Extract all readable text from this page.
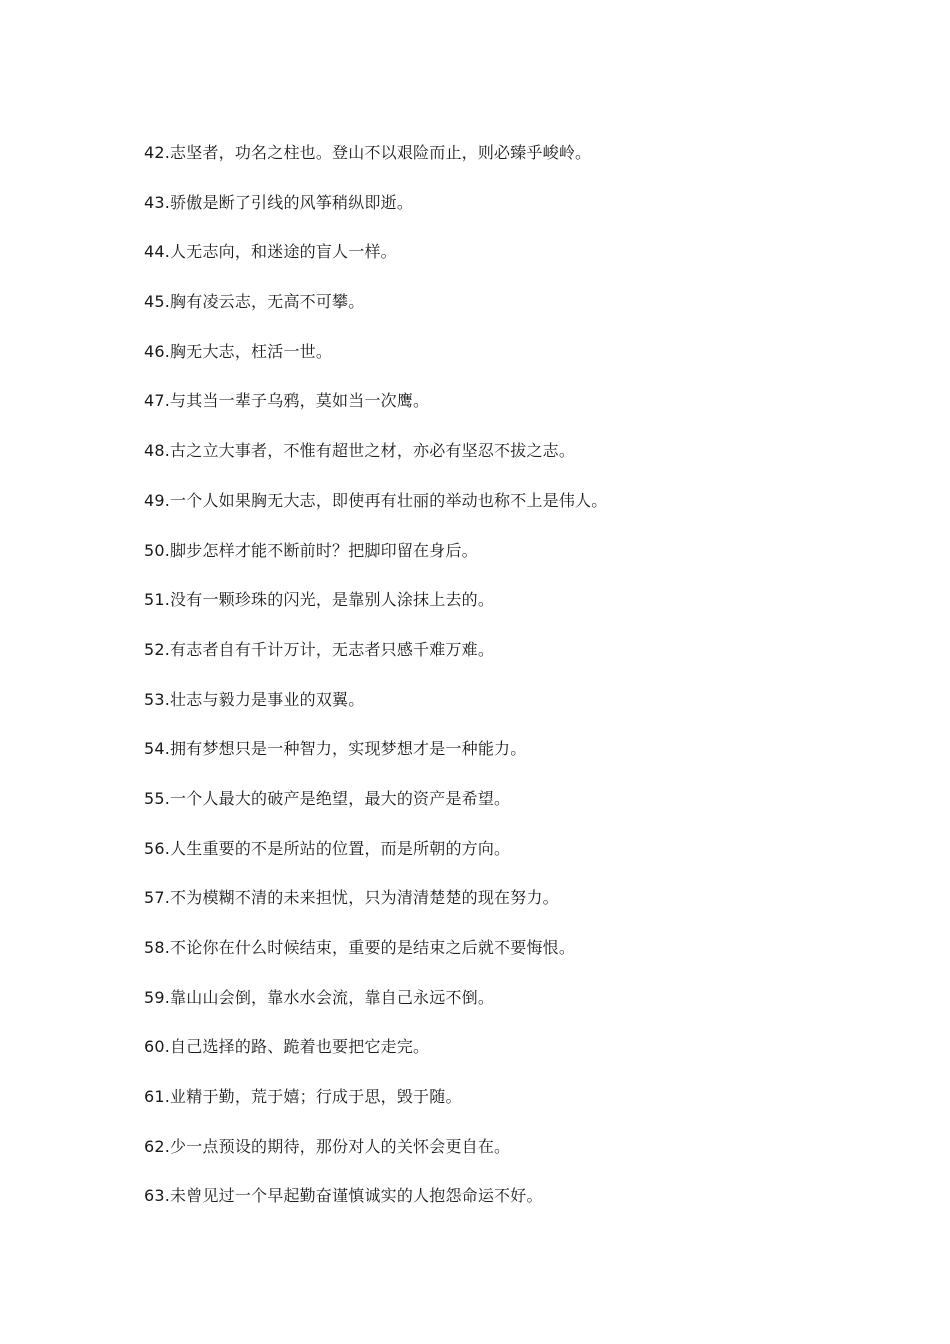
42.志坚者，功名之柱也。登山不以艰险而止，则必臻乎峻岭。
43.骄傲是断了引线的风筝稍纵即逝。
44.人无志向，和迷途的盲人一样。
45.胸有凌云志，无高不可攀。
46.胸无大志，枉活一世。
47.与其当一辈子乌鸦，莫如当一次鹰。
48.古之立大事者，不惟有超世之材，亦必有坚忍不拔之志。
49.一个人如果胸无大志，即使再有壮丽的举动也称不上是伟人。
50.脚步怎样才能不断前时？把脚印留在身后。
51.没有一颗珍珠的闪光，是靠别人涂抹上去的。
52.有志者自有千计万计，无志者只感千难万难。
53.壮志与毅力是事业的双翼。
54.拥有梦想只是一种智力，实现梦想才是一种能力。
55.一个人最大的破产是绝望，最大的资产是希望。
56.人生重要的不是所站的位置，而是所朝的方向。
57.不为模糊不清的未来担忧，只为清清楚楚的现在努力。
58.不论你在什么时候结束，重要的是结束之后就不要悔恨。
59.靠山山会倒，靠水水会流，靠自己永远不倒。
60.自己选择的路、跪着也要把它走完。
61.业精于勤，荒于嬉；行成于思，毁于随。
62.少一点预设的期待，那份对人的关怀会更自在。
63.未曾见过一个早起勤奋谨慎诚实的人抱怨命运不好。
